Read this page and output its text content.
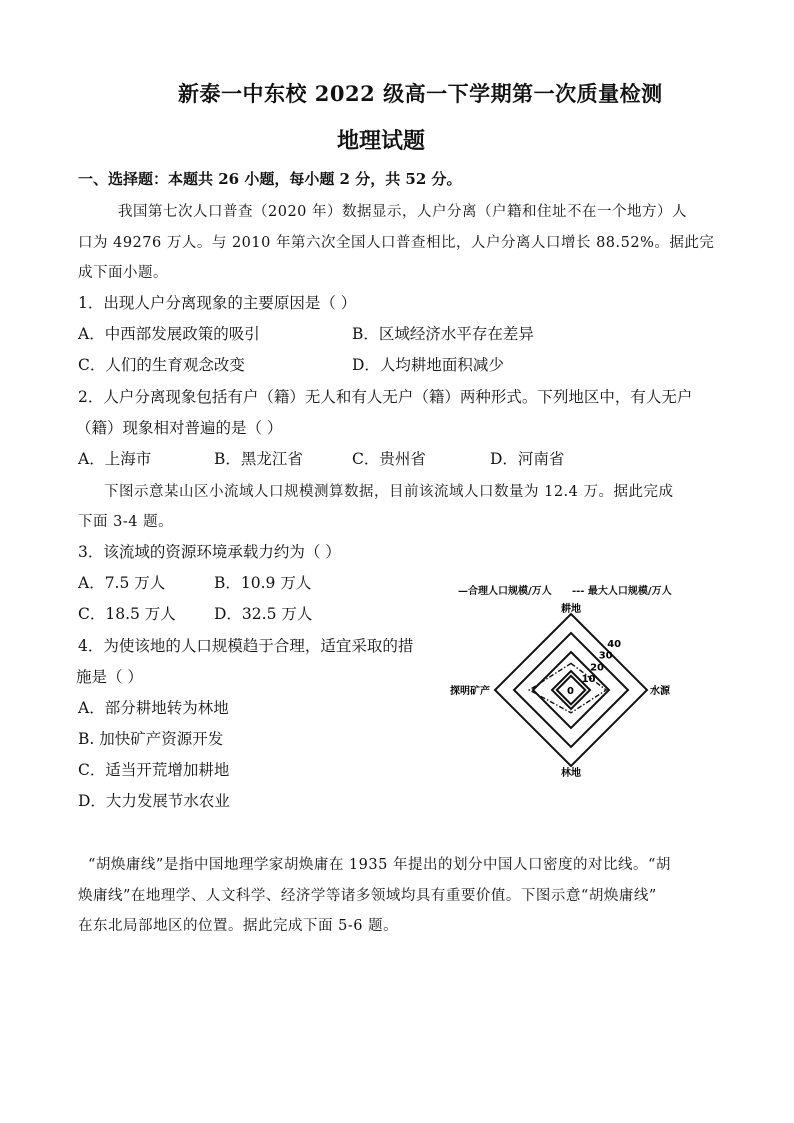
新泰一中东校 2022 级高一下学期第一次质量检测
地理试题
一、选择题：本题共 26 小题，每小题 2 分，共 52 分。
我国第七次人口普查（2020 年）数据显示，人户分离（户籍和住址不在一个地方）人
口为 49276 万人。与 2010 年第六次全国人口普查相比，人户分离人口增长 88.52%。据此完
成下面小题。
1．出现人户分离现象的主要原因是（ ）
A．中西部发展政策的吸引	B．区域经济水平存在差异
C．人们的生育观念改变	D．人均耕地面积减少
2．人户分离现象包括有户（籍）无人和有人无户（籍）两种形式。下列地区中，有人无户
（籍）现象相对普遍的是（ ）
A．上海市	B．黑龙江省	C．贵州省	D．河南省
下图示意某山区小流域人口规模测算数据，目前该流域人口数量为 12.4 万。据此完成
下面 3-4 题。
3．该流域的资源环境承载力约为（ ）
A．7.5 万人	B．10.9 万人
C．18.5 万人 D．32.5 万人
4．为使该地的人口规模趋于合理，适宜采取的措
施是（ ）
A．部分耕地转为林地
B. 加快矿产资源开发
C．适当开荒增加耕地
D．大力发展节水农业
—合理人口规模/万人 --- 最大人口规模/万人
0
10
20
30
40
耕地
水源
林地
探明矿产
“胡焕庸线”是指中国地理学家胡焕庸在 1935 年提出的划分中国人口密度的对比线。“胡
焕庸线”在地理学、人文科学、经济学等诸多领域均具有重要价值。下图示意“胡焕庸线”
在东北局部地区的位置。据此完成下面 5-6 题。
